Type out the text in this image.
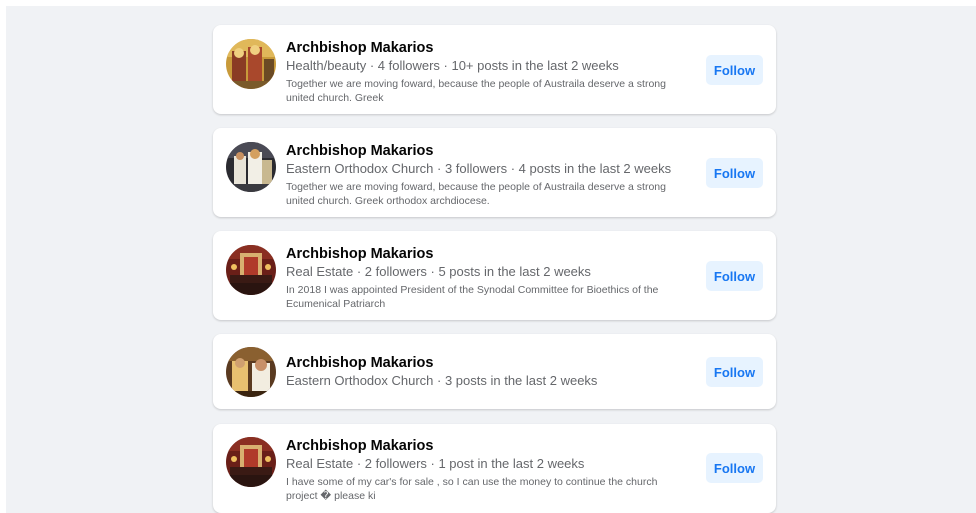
Archbishop Makarios
Health/beauty · 4 followers · 10+ posts in the last 2 weeks
Together we are moving foward, because the people of Austraila deserve a strong united church. Greek
Follow
Archbishop Makarios
Eastern Orthodox Church · 3 followers · 4 posts in the last 2 weeks
Together we are moving foward, because the people of Austraila deserve a strong united church. Greek orthodox archdiocese.
Follow
Archbishop Makarios
Real Estate · 2 followers · 5 posts in the last 2 weeks
In 2018 I was appointed President of the Synodal Committee for Bioethics of the Ecumenical Patriarch
Follow
Archbishop Makarios
Eastern Orthodox Church · 3 posts in the last 2 weeks
Follow
Archbishop Makarios
Real Estate · 2 followers · 1 post in the last 2 weeks
I have some of my car's for sale , so I can use the money to continue the church project � please ki
Follow
